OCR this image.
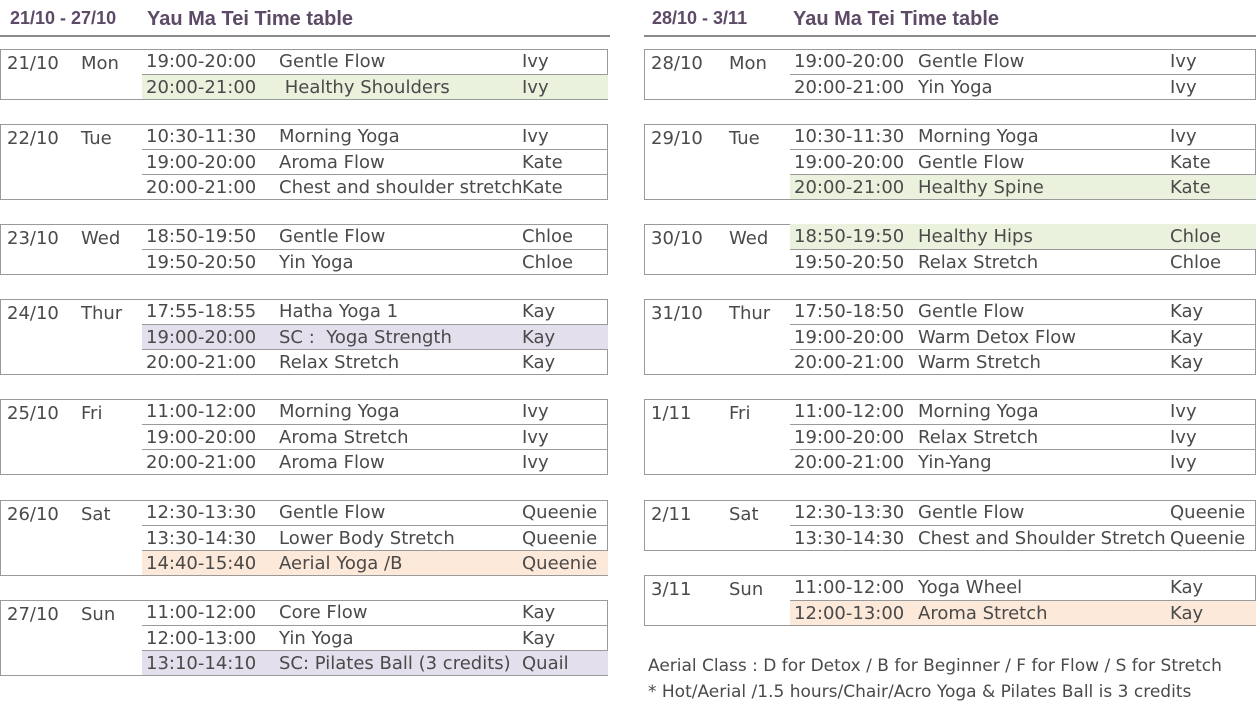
21/10 - 27/10 Yau Ma Tei Time table	28/10 - 3/11 Yau Ma Tei Time table
21/10 Mon 19:00-20:00 Gentle Flow	Ivy
20:00-21:00 Healthy Shoulders	Ivy
22/10 Tue 10:30-11:30 Morning Yoga	Ivy
19:00-20:00 Aroma Flow	Kate
20:00-21:00 Chest and shoulder stretch Kate
23/10 Wed 18:50-19:50 Gentle Flow	Chloe
19:50-20:50 Yin Yoga	Chloe
24/10 Thur 17:55-18:55 Hatha Yoga 1	Kay
19:00-20:00 SC :  Yoga Strength	Kay
20:00-21:00 Relax Stretch	Kay
25/10 Fri 11:00-12:00 Morning Yoga	Ivy
19:00-20:00 Aroma Stretch	Ivy
20:00-21:00 Aroma Flow	Ivy
26/10 Sat 12:30-13:30 Gentle Flow	Queenie
13:30-14:30 Lower Body Stretch	Queenie
14:40-15:40 Aerial Yoga /B	Queenie
27/10 Sun 11:00-12:00 Core Flow	Kay
12:00-13:00 Yin Yoga	Kay
13:10-14:10 SC: Pilates Ball (3 credits) Quail
28/10 Mon 19:00-20:00 Gentle Flow	Ivy
20:00-21:00 Yin Yoga	Ivy
29/10 Tue 10:30-11:30 Morning Yoga	Ivy
19:00-20:00 Gentle Flow	Kate
20:00-21:00 Healthy Spine	Kate
30/10 Wed 18:50-19:50 Healthy Hips	Chloe
19:50-20:50 Relax Stretch	Chloe
31/10 Thur 17:50-18:50 Gentle Flow	Kay
19:00-20:00 Warm Detox Flow	Kay
20:00-21:00 Warm Stretch	Kay
1/11 Fri 11:00-12:00 Morning Yoga	Ivy
19:00-20:00 Relax Stretch	Ivy
20:00-21:00 Yin-Yang	Ivy
2/11 Sat 12:30-13:30 Gentle Flow	Queenie
13:30-14:30 Chest and Shoulder Stretch Queenie
3/11 Sun 11:00-12:00 Yoga Wheel	Kay
12:00-13:00 Aroma Stretch	Kay
Aerial Class : D for Detox / B for Beginner / F for Flow / S for Stretch
* Hot/Aerial /1.5 hours/Chair/Acro Yoga & Pilates Ball is 3 credits
